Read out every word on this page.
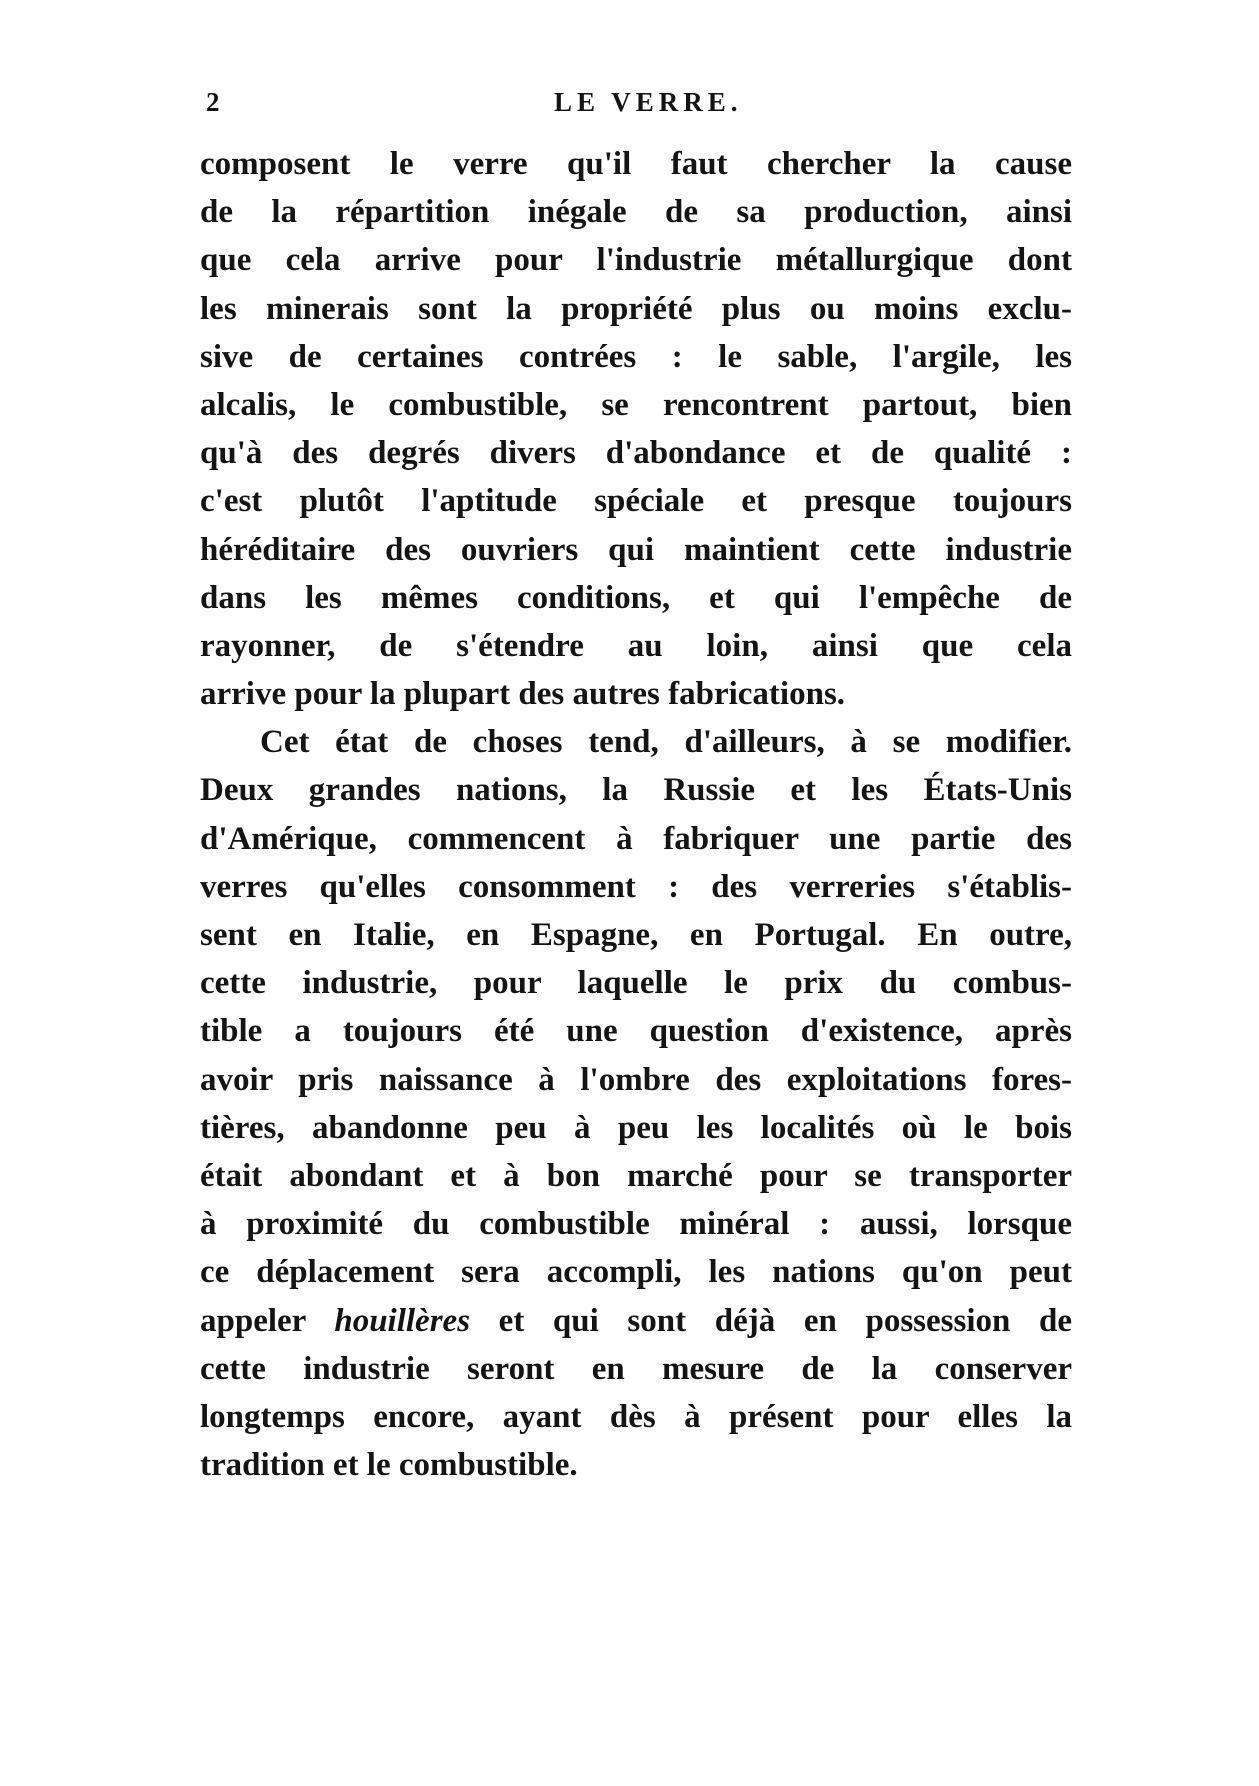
2	LE VERRE.
composent le verre qu'il faut chercher la cause
de la répartition inégale de sa production, ainsi
que cela arrive pour l'industrie métallurgique dont
les minerais sont la propriété plus ou moins exclu-
sive de certaines contrées : le sable, l'argile, les
alcalis, le combustible, se rencontrent partout, bien
qu'à des degrés divers d'abondance et de qualité :
c'est plutôt l'aptitude spéciale et presque toujours
héréditaire des ouvriers qui maintient cette industrie
dans les mêmes conditions, et qui l'empêche de
rayonner, de s'étendre au loin, ainsi que cela
arrive pour la plupart des autres fabrications.
Cet état de choses tend, d'ailleurs, à se modifier.
Deux grandes nations, la Russie et les États-Unis
d'Amérique, commencent à fabriquer une partie des
verres qu'elles consomment : des verreries s'établis-
sent en Italie, en Espagne, en Portugal. En outre,
cette industrie, pour laquelle le prix du combus-
tible a toujours été une question d'existence, après
avoir pris naissance à l'ombre des exploitations fores-
tières, abandonne peu à peu les localités où le bois
était abondant et à bon marché pour se transporter
à proximité du combustible minéral : aussi, lorsque
ce déplacement sera accompli, les nations qu'on peut
appeler houillères et qui sont déjà en possession de
cette industrie seront en mesure de la conserver
longtemps encore, ayant dès à présent pour elles la
tradition et le combustible.
